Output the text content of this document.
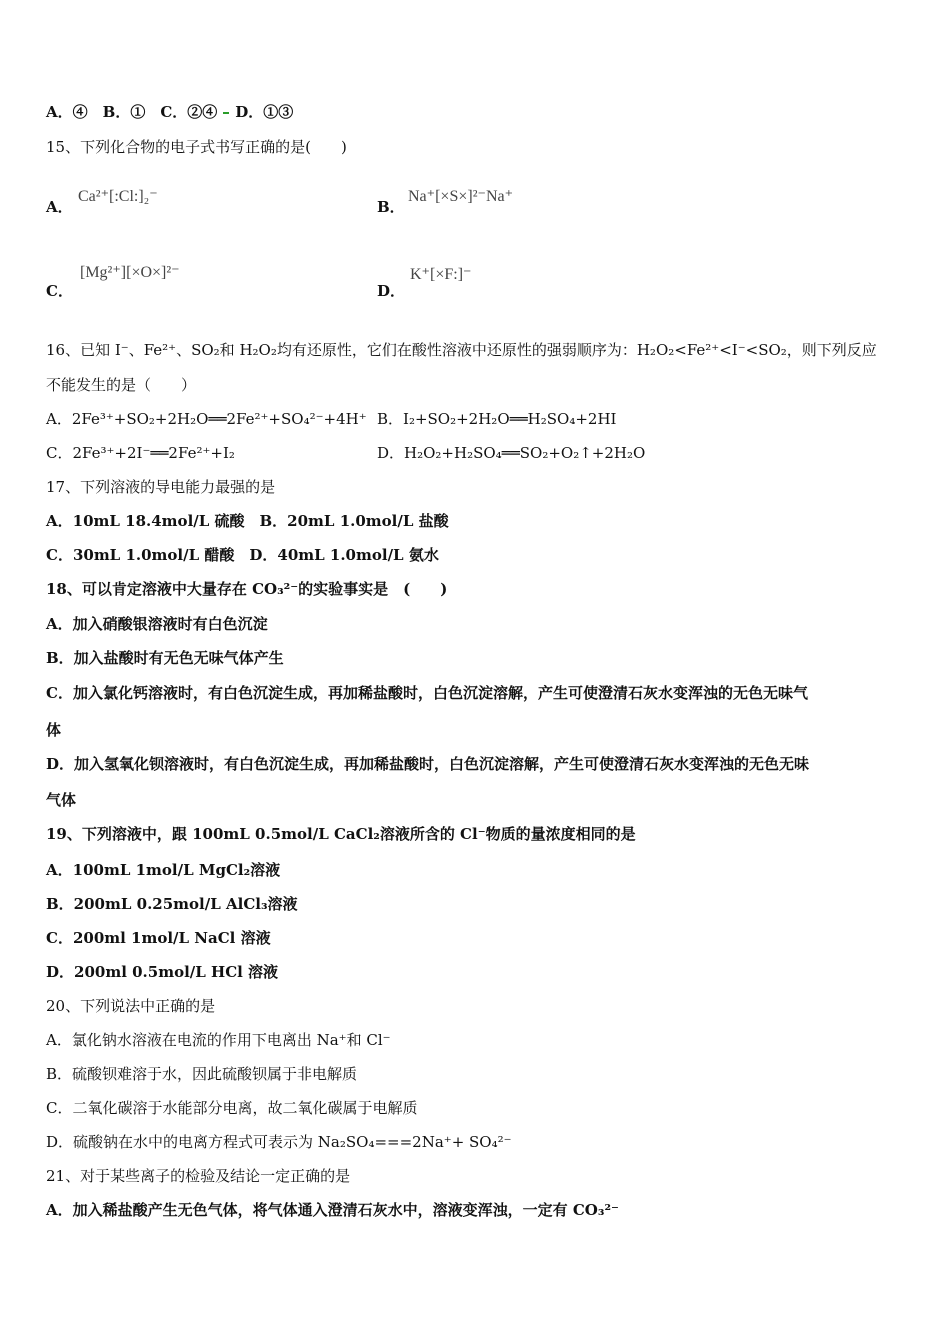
A．④　B．①　C．②④ D．①③
15、下列化合物的电子式书写正确的是(　　)
A．
Ca²⁺[:Cl:]₂⁻
B．
Na⁺[×S×]²⁻Na⁺
C．
[Mg²⁺][×O×]²⁻
D．
K⁺[×F:]⁻
16、已知 I⁻、Fe²⁺、SO₂和 H₂O₂均有还原性，它们在酸性溶液中还原性的强弱顺序为：H₂O₂<Fe²⁺<I⁻<SO₂，则下列反应
不能发生的是（　　）
A．2Fe³⁺+SO₂+2H₂O══2Fe²⁺+SO₄²⁻+4H⁺ B．I₂+SO₂+2H₂O══H₂SO₄+2HI
C．2Fe³⁺+2I⁻══2Fe²⁺+I₂	D．H₂O₂+H₂SO₄══SO₂+O₂↑+2H₂O
17、下列溶液的导电能力最强的是
A．10mL 18.4mol/L 硫酸　B．20mL 1.0mol/L 盐酸
C．30mL 1.0mol/L 醋酸　D．40mL 1.0mol/L 氨水
18、可以肯定溶液中大量存在 CO₃²⁻的实验事实是　(　　)
A．加入硝酸银溶液时有白色沉淀
B．加入盐酸时有无色无味气体产生
C．加入氯化钙溶液时，有白色沉淀生成，再加稀盐酸时，白色沉淀溶解，产生可使澄清石灰水变浑浊的无色无味气
体
D．加入氢氧化钡溶液时，有白色沉淀生成，再加稀盐酸时，白色沉淀溶解，产生可使澄清石灰水变浑浊的无色无味
气体
19、下列溶液中，跟 100mL 0.5mol/L CaCl₂溶液所含的 Cl⁻物质的量浓度相同的是
A．100mL 1mol/L MgCl₂溶液
B．200mL 0.25mol/L AlCl₃溶液
C．200ml 1mol/L NaCl 溶液
D．200ml 0.5mol/L HCl 溶液
20、下列说法中正确的是
A．氯化钠水溶液在电流的作用下电离出 Na⁺和 Cl⁻
B．硫酸钡难溶于水，因此硫酸钡属于非电解质
C．二氧化碳溶于水能部分电离，故二氧化碳属于电解质
D．硫酸钠在水中的电离方程式可表示为 Na₂SO₄===2Na⁺+ SO₄²⁻
21、对于某些离子的检验及结论一定正确的是
A．加入稀盐酸产生无色气体，将气体通入澄清石灰水中，溶液变浑浊，一定有 CO₃²⁻
